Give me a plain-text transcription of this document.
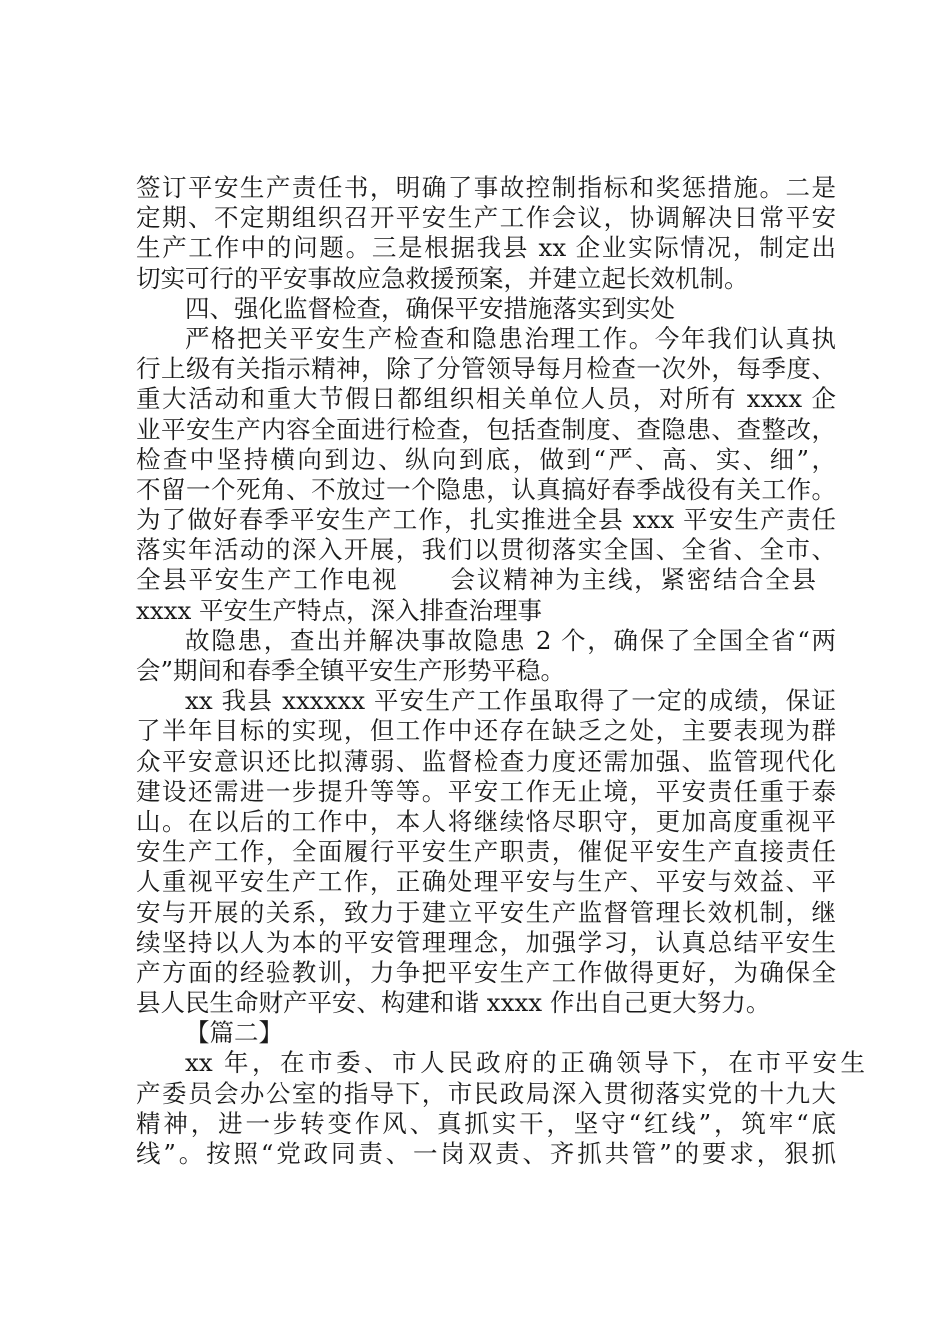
签订平安生产责任书，明确了事故控制指标和奖惩措施。二是
定期、不定期组织召开平安生产工作会议，协调解决日常平安
生产工作中的问题。三是根据我县 xx 企业实际情况，制定出
切实可行的平安事故应急救援预案，并建立起长效机制。
四、强化监督检查，确保平安措施落实到实处
严格把关平安生产检查和隐患治理工作。今年我们认真执
行上级有关指示精神，除了分管领导每月检查一次外，每季度、
重大活动和重大节假日都组织相关单位人员，对所有 xxxx 企
业平安生产内容全面进行检查，包括查制度、查隐患、查整改，
检查中坚持横向到边、纵向到底，做到“严、高、实、细”，
不留一个死角、不放过一个隐患，认真搞好春季战役有关工作。
为了做好春季平安生产工作，扎实推进全县 xxx 平安生产责任
落实年活动的深入开展，我们以贯彻落实全国、全省、全市、
全县平安生产工作电视　　会议精神为主线，紧密结合全县
xxxx 平安生产特点，深入排查治理事
故隐患，查出并解决事故隐患 2 个，确保了全国全省“两
会”期间和春季全镇平安生产形势平稳。
xx 我县 xxxxxx 平安生产工作虽取得了一定的成绩，保证
了半年目标的实现，但工作中还存在缺乏之处，主要表现为群
众平安意识还比拟薄弱、监督检查力度还需加强、监管现代化
建设还需进一步提升等等。平安工作无止境，平安责任重于泰
山。在以后的工作中，本人将继续恪尽职守，更加高度重视平
安生产工作，全面履行平安生产职责，催促平安生产直接责任
人重视平安生产工作，正确处理平安与生产、平安与效益、平
安与开展的关系，致力于建立平安生产监督管理长效机制，继
续坚持以人为本的平安管理理念，加强学习，认真总结平安生
产方面的经验教训，力争把平安生产工作做得更好，为确保全
县人民生命财产平安、构建和谐 xxxx 作出自己更大努力。
【篇二】
xx 年，在市委、市人民政府的正确领导下，在市平安生
产委员会办公室的指导下，市民政局深入贯彻落实党的十九大
精神，进一步转变作风、真抓实干，坚守“红线”，筑牢“底
线”。按照“党政同责、一岗双责、齐抓共管”的要求，狠抓
